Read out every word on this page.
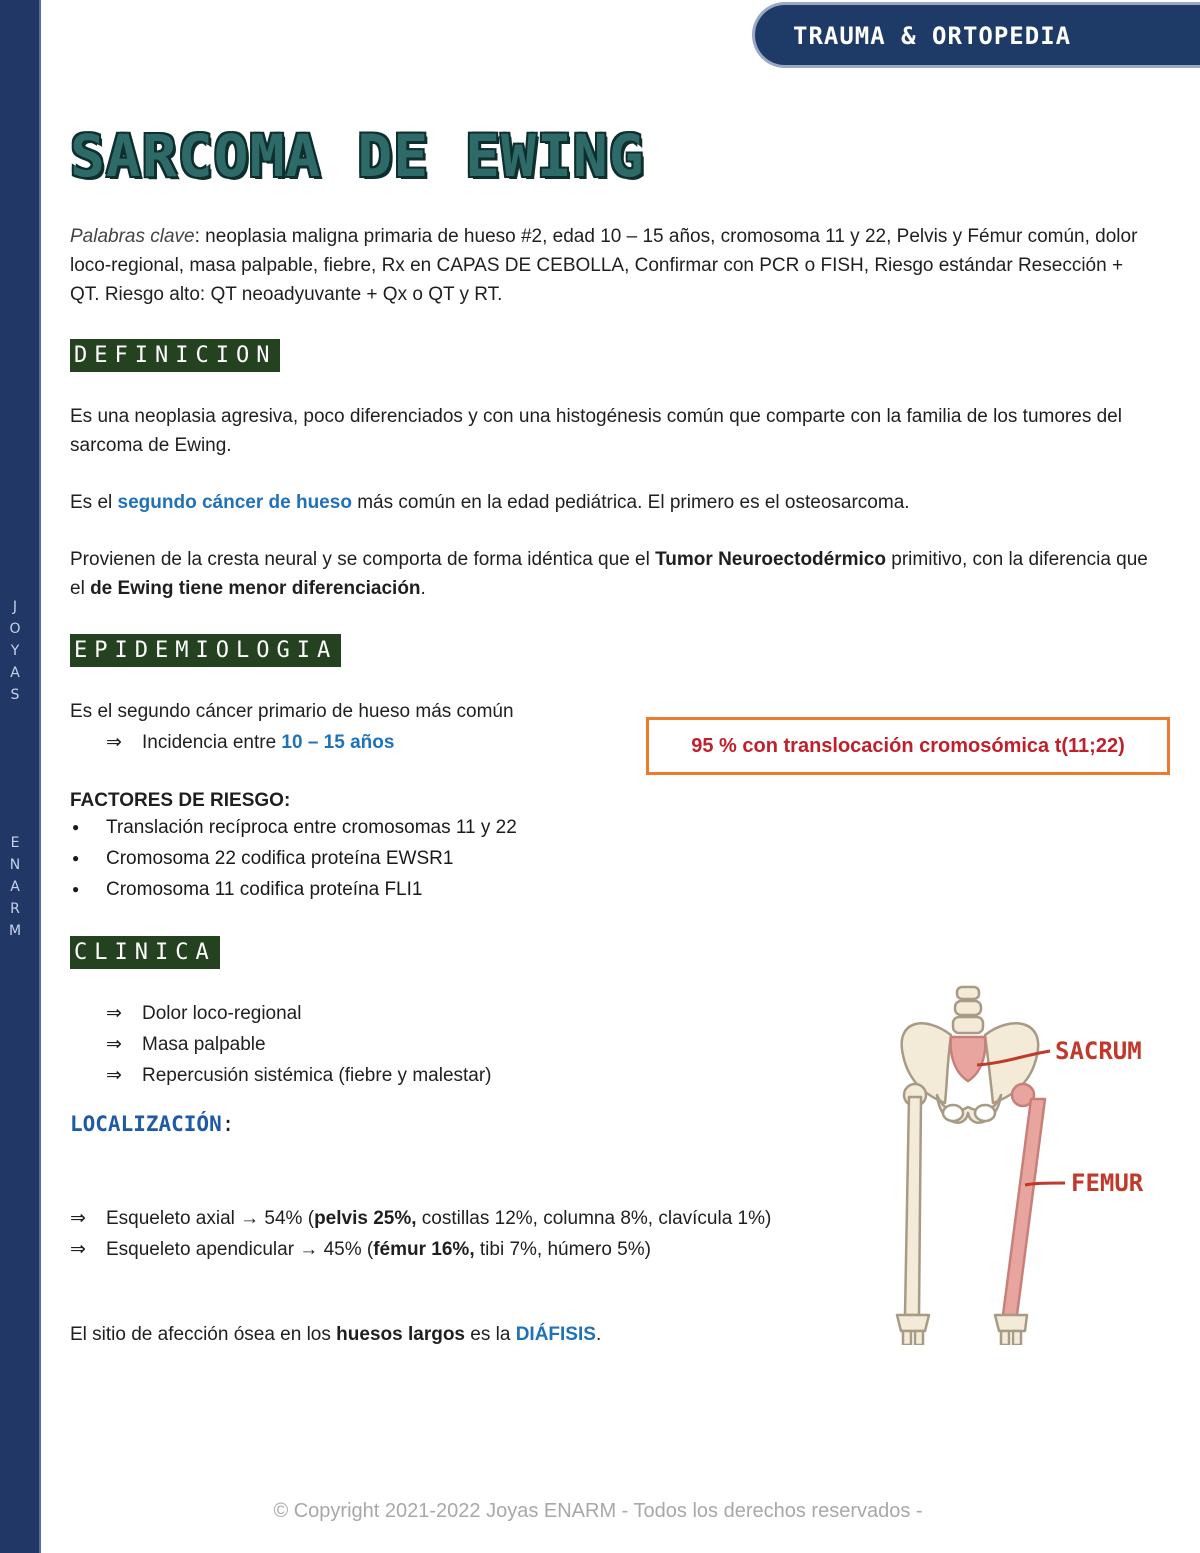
J
O
Y
A
S
E
N
A
R
M
TRAUMA & ORTOPEDIA
SARCOMA DE EWING
Palabras clave: neoplasia maligna primaria de hueso #2, edad 10 – 15 años, cromosoma 11 y 22, Pelvis y Fémur común, dolor loco-regional, masa palpable, fiebre, Rx en CAPAS DE CEBOLLA, Confirmar con PCR o FISH, Riesgo estándar Resección + QT. Riesgo alto: QT neoadyuvante + Qx o QT y RT.
DEFINICION
Es una neoplasia agresiva, poco diferenciados y con una histogénesis común que comparte con la familia de los tumores del sarcoma de Ewing.
Es el segundo cáncer de hueso más común en la edad pediátrica. El primero es el osteosarcoma.
Provienen de la cresta neural y se comporta de forma idéntica que el Tumor Neuroectodérmico primitivo, con la diferencia que el de Ewing tiene menor diferenciación.
EPIDEMIOLOGIA
Es el segundo cáncer primario de hueso más común
⇒ Incidencia entre 10 – 15 años	95 % con translocación cromosómica t(11;22)
FACTORES DE RIESGO:
● Translación recíproca entre cromosomas 11 y 22
● Cromosoma 22 codifica proteína EWSR1
● Cromosoma 11 codifica proteína FLI1
CLINICA
⇒ Dolor loco-regional
⇒ Masa palpable
⇒ Repercusión sistémica (fiebre y malestar)
LOCALIZACIÓN:
⇒ Esqueleto axial → 54% (pelvis 25%, costillas 12%, columna 8%, clavícula 1%)
⇒ Esqueleto apendicular → 45% (fémur 16%, tibi 7%, húmero 5%)
El sitio de afección ósea en los huesos largos es la DIÁFISIS.
SACRUM
FEMUR
© Copyright 2021-2022 Joyas ENARM - Todos los derechos reservados -
